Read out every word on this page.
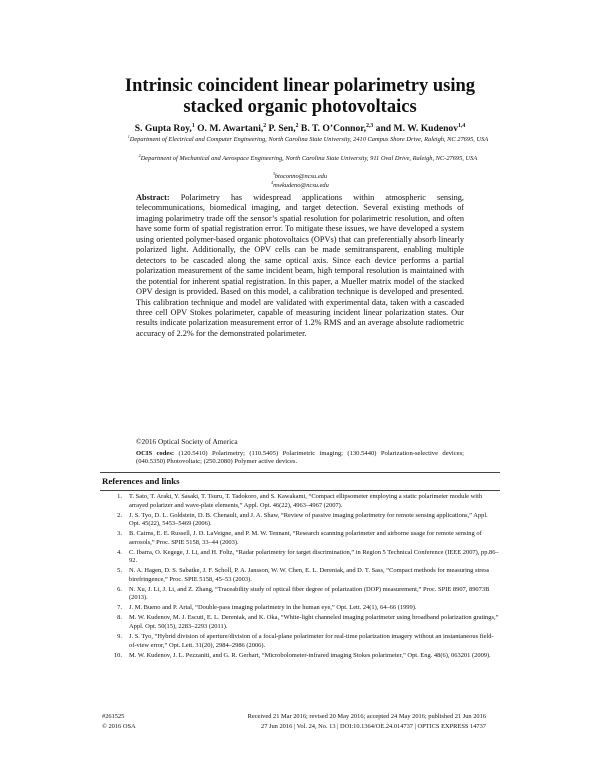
Intrinsic coincident linear polarimetry using
stacked organic photovoltaics
S. Gupta Roy,$^1$ O. M. Awartani,$^2$ P. Sen,$^2$ B. T. O’Connor,$^{2,3}$ and M. W. Kudenov$^{1,4}$
$^1$Department of Electrical and Computer Engineering, North Carolina State University, 2410 Campus Shore Drive, Raleigh, NC 27695, USA
$^2$Department of Mechanical and Aerospace Engineering, North Carolina State University, 911 Oval Drive, Raleigh, NC-27695, USA
$^3$btoconno@ncsu.edu
$^4$mwkudeno@ncsu.edu
Abstract: Polarimetry has widespread applications within atmospheric sensing, telecommunications, biomedical imaging, and target detection. Several existing methods of imaging polarimetry trade off the sensor’s spatial resolution for polarimetric resolution, and often have some form of spatial registration error. To mitigate these issues, we have developed a system using oriented polymer-based organic photovoltaics (OPVs) that can preferentially absorb linearly polarized light. Additionally, the OPV cells can be made semitransparent, enabling multiple detectors to be cascaded along the same optical axis. Since each device performs a partial polarization measurement of the same incident beam, high temporal resolution is maintained with the potential for inherent spatial registration. In this paper, a Mueller matrix model of the stacked OPV design is provided. Based on this model, a calibration technique is developed and presented. This calibration technique and model are validated with experimental data, taken with a cascaded three cell OPV Stokes polarimeter, capable of measuring incident linear polarization states. Our results indicate polarization measurement error of 1.2% RMS and an average absolute radiometric accuracy of 2.2% for the demonstrated polarimeter.
©2016 Optical Society of America
OCIS codes: (120.5410) Polarimetry; (110.5405) Polarimetric imaging; (130.5440) Polarization-selective devices; (040.5350) Photovoltaic; (250.2080) Polymer active devices.
References and links
1. T. Sato, T. Araki, Y. Sasaki, T. Tsuru, T. Tadokoro, and S. Kawakami, “Compact ellipsometer employing a static polarimeter module with arrayed polarizer and wave-plate elements,” Appl. Opt. 46(22), 4963–4967 (2007).
2. J. S. Tyo, D. L. Goldstein, D. B. Chenault, and J. A. Shaw, “Review of passive imaging polarimetry for remote sensing applications,” Appl. Opt. 45(22), 5453–5469 (2006).
3. B. Cairns, E. E. Russell, J. D. LaVeigne, and P. M. W. Tennant, “Research scanning polarimeter and airborne usage for remote sensing of aerosols,” Proc. SPIE 5158, 33–44 (2003).
4. C. Ibarra, O. Kegege, J. Li, and H. Foltz, “Radar polarimetry for target discrimination,” in Region 5 Technical Conference (IEEE 2007), pp.86–92.
5. N. A. Hagen, D. S. Sabatke, J. F. Scholl, P. A. Jansson, W. W. Chen, E. L. Dereniak, and D. T. Sass, “Compact methods for measuring stress birefringence,” Proc. SPIE 5158, 45–53 (2003).
6. N. Xu, J. Li, J. Li, and Z. Zhang, “Traceability study of optical fiber degree of polarization (DOP) measurement,” Proc. SPIE 8907, 89073B (2013).
7. J. M. Bueno and P. Artal, “Double-pass imaging polarimetry in the human eye,” Opt. Lett. 24(1), 64–66 (1999).
8. M. W. Kudenov, M. J. Escuti, E. L. Dereniak, and K. Oka, “White-light channeled imaging polarimeter using broadband polarization gratings,” Appl. Opt. 50(15), 2283–2293 (2011).
9. J. S. Tyo, “Hybrid division of aperture/division of a focal-plane polarimeter for real-time polarization imagery without an instantaneous field-of-view error,” Opt. Lett. 31(20), 2984–2986 (2006).
10. M. W. Kudenov, J. L. Pezzaniti, and G. R. Gerhart, “Microbolometer-infrared imaging Stokes polarimeter,” Opt. Eng. 48(6), 063201 (2009).
#261525
© 2016 OSA
Received 21 Mar 2016; revised 20 May 2016; accepted 24 May 2016; published 21 Jun 2016
27 Jun 2016 | Vol. 24, No. 13 | DOI:10.1364/OE.24.014737 | OPTICS EXPRESS 14737
